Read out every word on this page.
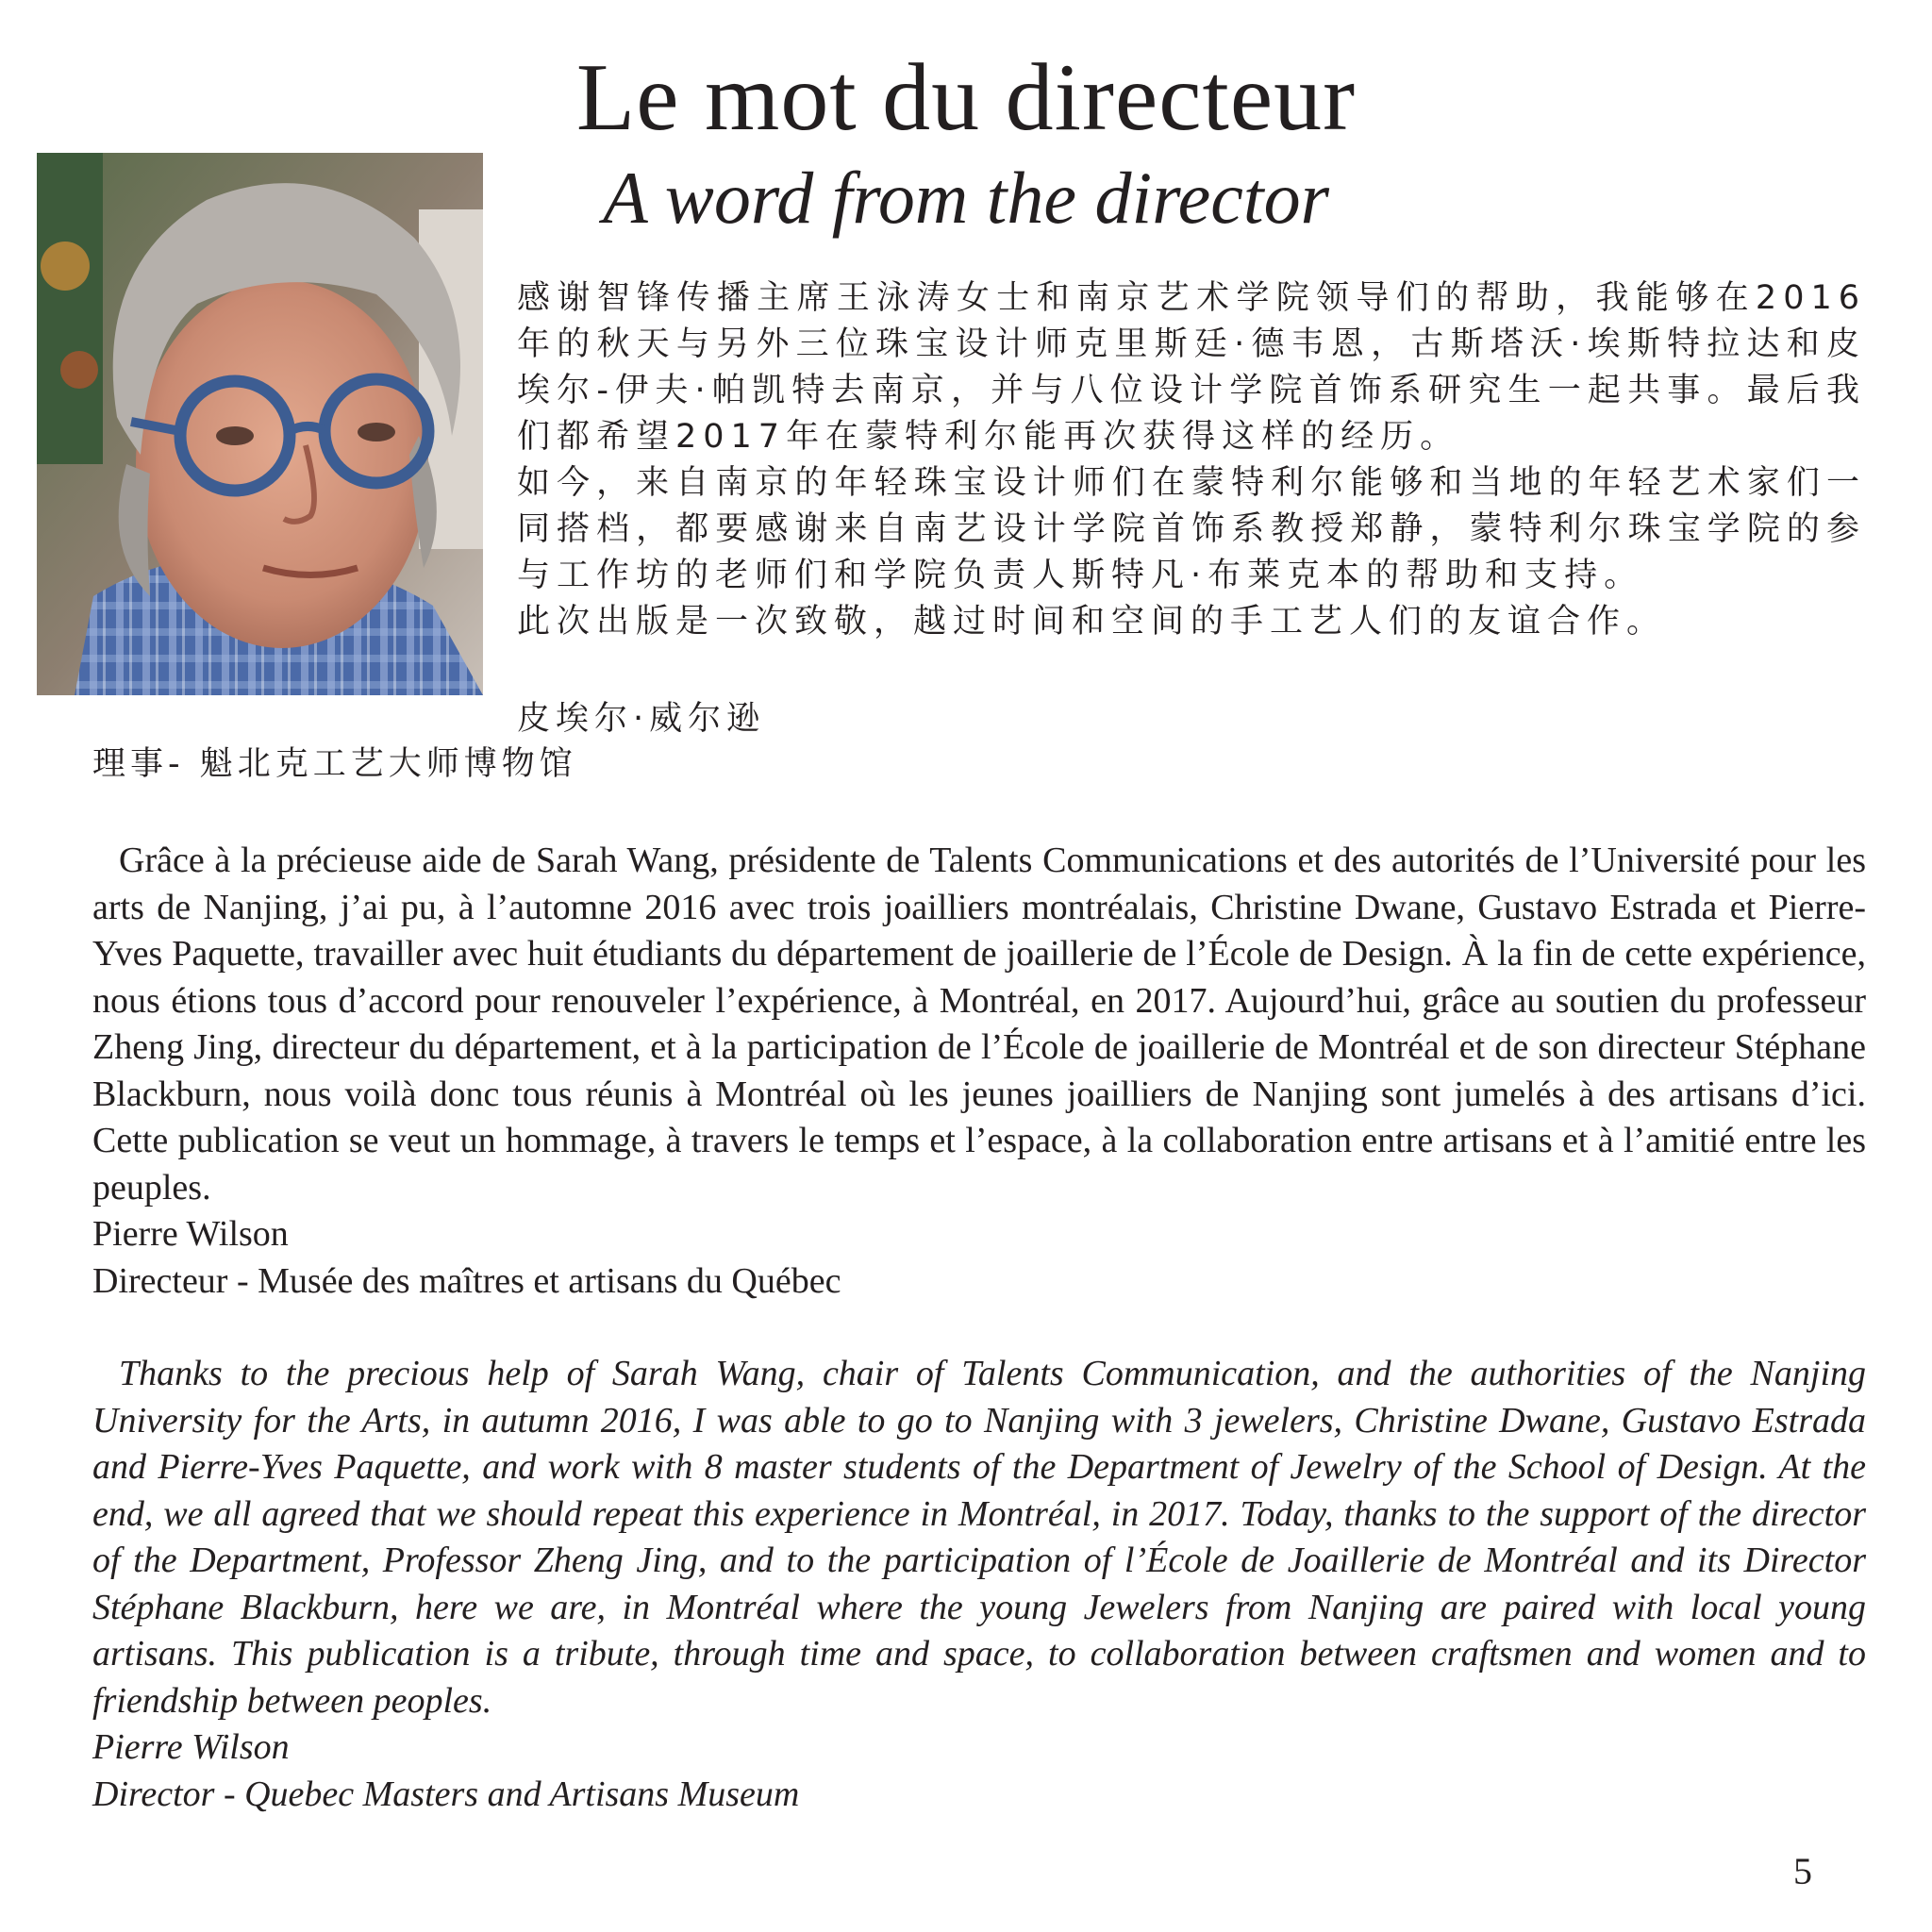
Le mot du directeur
A word from the director

感谢智锋传播主席王泳涛女士和南京艺术学院领导们的帮助，我能够在2016年的秋天与另外三位珠宝设计师克里斯廷·德韦恩，古斯塔沃·埃斯特拉达和皮埃尔-伊夫·帕凯特去南京，并与八位设计学院首饰系研究生一起共事。最后我们都希望2017年在蒙特利尔能再次获得这样的经历。

如今，来自南京的年轻珠宝设计师们在蒙特利尔能够和当地的年轻艺术家们一同搭档，都要感谢来自南艺设计学院首饰系教授郑静，蒙特利尔珠宝学院的参与工作坊的老师们和学院负责人斯特凡·布莱克本的帮助和支持。

此次出版是一次致敬，越过时间和空间的手工艺人们的友谊合作。

皮埃尔·威尔逊
理事- 魁北克工艺大师博物馆

Grâce à la précieuse aide de Sarah Wang, présidente de Talents Communications et des autorités de l’Université pour les arts de Nanjing, j’ai pu, à l’automne 2016 avec trois joailliers montréalais, Christine Dwane, Gustavo Estrada et Pierre-Yves Paquette, travailler avec huit étudiants du département de joaillerie de l’École de Design. À la fin de cette expérience, nous étions tous d’accord pour renouveler l’expérience, à Montréal, en 2017. Aujourd’hui, grâce au soutien du professeur Zheng Jing, directeur du département, et à la participation de l’École de joaillerie de Montréal et de son directeur Stéphane Blackburn, nous voilà donc tous réunis à Montréal où les jeunes joailliers de Nanjing sont jumelés à des artisans d’ici. Cette publication se veut un hommage, à travers le temps et l’espace, à la collaboration entre artisans et à l’amitié entre les peuples.

Pierre Wilson
Directeur - Musée des maîtres et artisans du Québec

Thanks to the precious help of Sarah Wang, chair of Talents Communication, and the authorities of the Nanjing University for the Arts, in autumn 2016, I was able to go to Nanjing with 3 jewelers, Christine Dwane, Gustavo Estrada and Pierre-Yves Paquette, and work with 8 master students of the Department of Jewelry of the School of Design. At the end, we all agreed that we should repeat this experience in Montréal, in 2017. Today, thanks to the support of the director of the Department, Professor Zheng Jing, and to the participation of l’École de Joaillerie de Montréal and its Director Stéphane Blackburn, here we are, in Montréal where the young Jewelers from Nanjing are paired with local young artisans. This publication is a tribute, through time and space, to collaboration between craftsmen and women and to friendship between peoples.

Pierre Wilson
Director - Quebec Masters and Artisans Museum
5
